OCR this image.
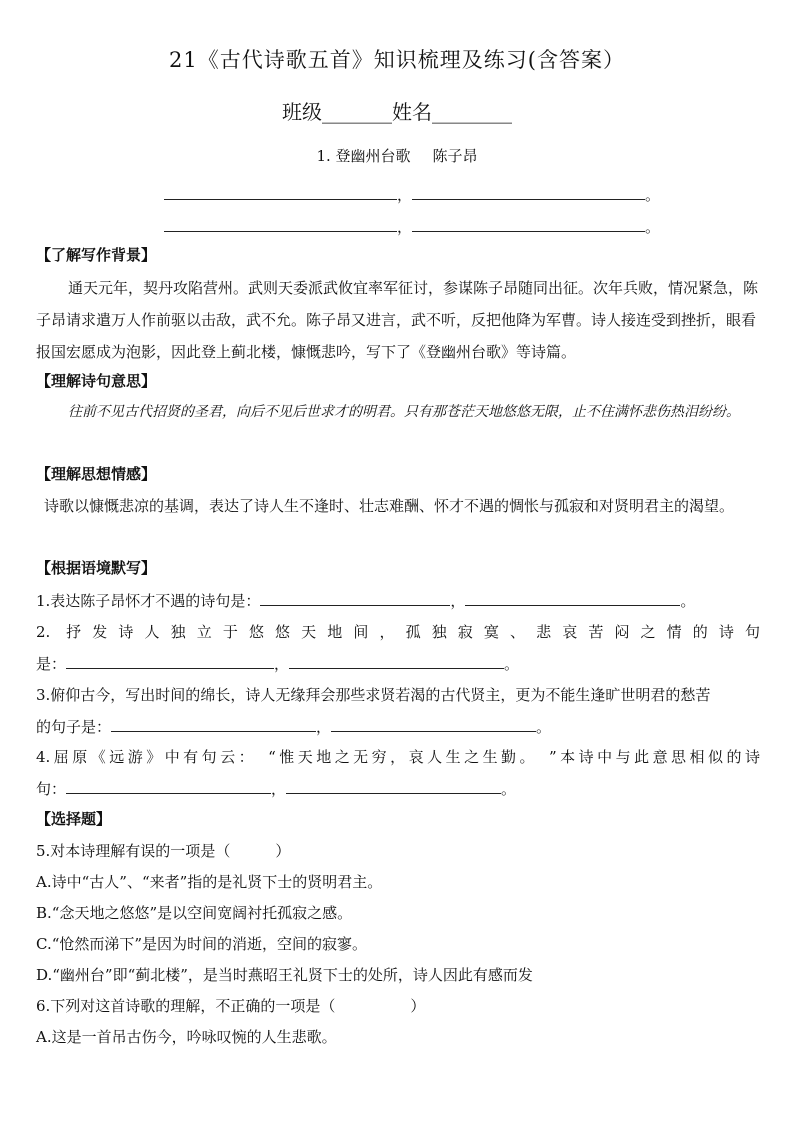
21《古代诗歌五首》知识梳理及练习(含答案）
班级_______姓名________
1. 登幽州台歌 陈子昂
，	。
，	。
【了解写作背景】
通天元年，契丹攻陷营州。武则天委派武攸宜率军征讨，参谋陈子昂随同出征。次年兵败，情况紧急，陈子昂请求遣万人作前驱以击敌，武不允。陈子昂又进言，武不听，反把他降为军曹。诗人接连受到挫折，眼看报国宏愿成为泡影，因此登上蓟北楼，慷慨悲吟，写下了《登幽州台歌》等诗篇。
【理解诗句意思】
往前不见古代招贤的圣君，向后不见后世求才的明君。只有那苍茫天地悠悠无限，止不住满怀悲伤热泪纷纷。
【理解思想情感】
诗歌以慷慨悲凉的基调，表达了诗人生不逢时、壮志难酬、怀才不遇的惆怅与孤寂和对贤明君主的渴望。
【根据语境默写】
1.表达陈子昂怀才不遇的诗句是：	，	。
2. 抒发诗人独立于悠悠天地间，孤独寂寞、悲哀苦闷之情的诗句
是：	，	。
3.俯仰古今，写出时间的绵长，诗人无缘拜会那些求贤若渴的古代贤主，更为不能生逢旷世明君的愁苦
的句子是：	，	。
4.屈原《远游》中有句云：　“惟天地之无穷，哀人生之生勤。　”本诗中与此意思相似的诗
句：	，	。
【选择题】
5.对本诗理解有误的一项是（　　　）
A.诗中“古人”、“来者”指的是礼贤下士的贤明君主。
B.“念天地之悠悠”是以空间宽阔衬托孤寂之感。
C.“怆然而涕下”是因为时间的消逝，空间的寂寥。
D.“幽州台”即“蓟北楼”，是当时燕昭王礼贤下士的处所，诗人因此有感而发
6.下列对这首诗歌的理解，不正确的一项是（　　　　　）
A.这是一首吊古伤今，吟咏叹惋的人生悲歌。
